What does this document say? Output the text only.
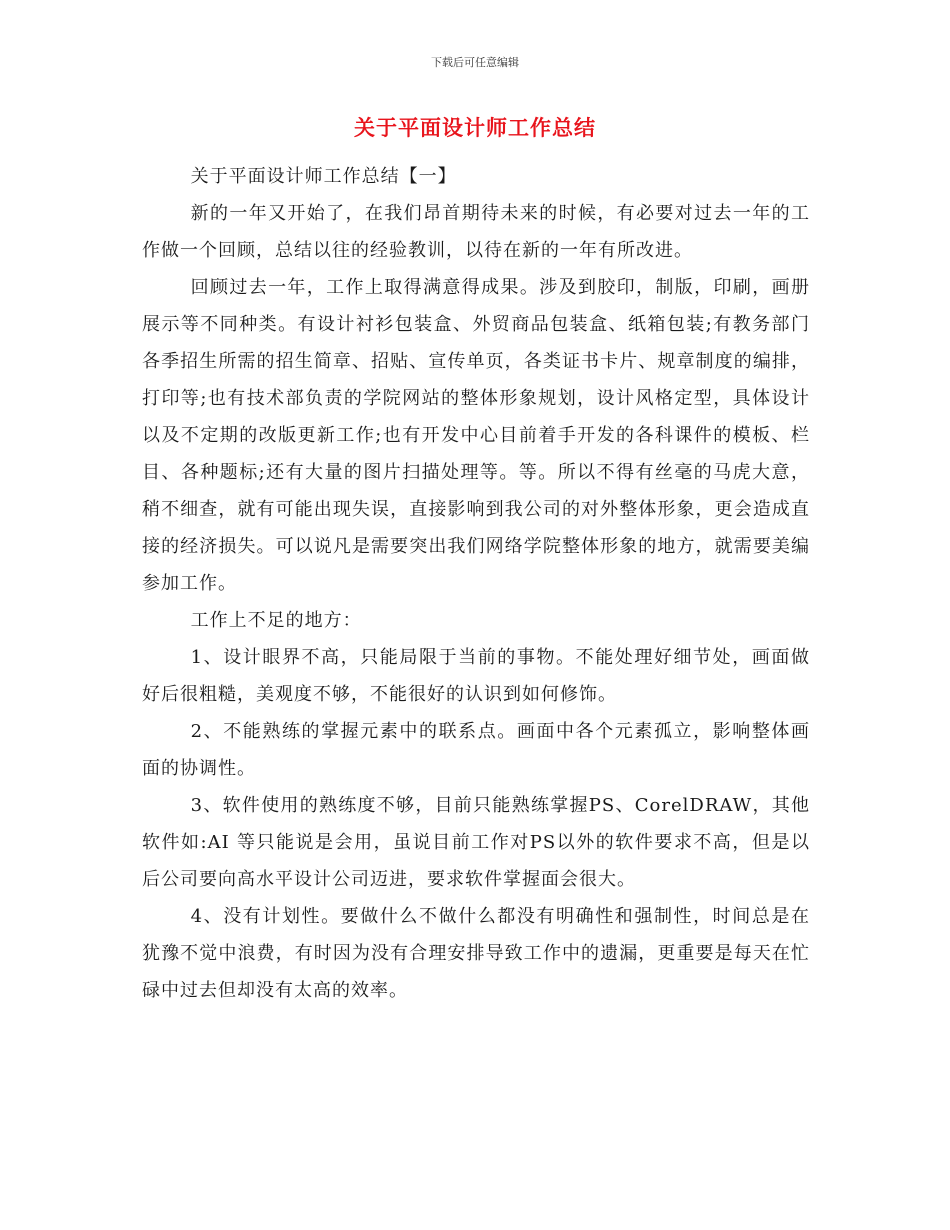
下载后可任意编辑
关于平面设计师工作总结

关于平面设计师工作总结【一】

新的一年又开始了，在我们昂首期待未来的时候，有必要对过去一年的工作做一个回顾，总结以往的经验教训，以待在新的一年有所改进。

回顾过去一年，工作上取得满意得成果。涉及到胶印，制版，印刷，画册展示等不同种类。有设计衬衫包装盒、外贸商品包装盒、纸箱包装;有教务部门各季招生所需的招生简章、招贴、宣传单页，各类证书卡片、规章制度的编排，打印等;也有技术部负责的学院网站的整体形象规划，设计风格定型，具体设计以及不定期的改版更新工作;也有开发中心目前着手开发的各科课件的模板、栏目、各种题标;还有大量的图片扫描处理等。等。所以不得有丝毫的马虎大意，稍不细查，就有可能出现失误，直接影响到我公司的对外整体形象，更会造成直接的经济损失。可以说凡是需要突出我们网络学院整体形象的地方，就需要美编参加工作。

工作上不足的地方：

1、设计眼界不高，只能局限于当前的事物。不能处理好细节处，画面做好后很粗糙，美观度不够，不能很好的认识到如何修饰。

2、不能熟练的掌握元素中的联系点。画面中各个元素孤立，影响整体画面的协调性。

3、软件使用的熟练度不够，目前只能熟练掌握PS、CorelDRAW，其他软件如:AI 等只能说是会用，虽说目前工作对PS以外的软件要求不高，但是以后公司要向高水平设计公司迈进，要求软件掌握面会很大。

4、没有计划性。要做什么不做什么都没有明确性和强制性，时间总是在犹豫不觉中浪费，有时因为没有合理安排导致工作中的遗漏，更重要是每天在忙碌中过去但却没有太高的效率。
